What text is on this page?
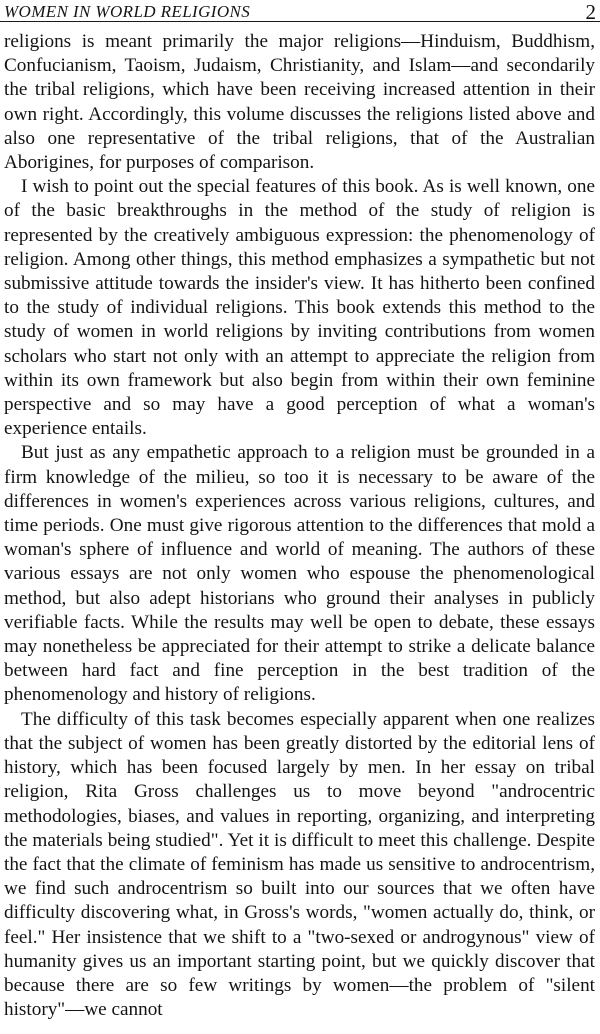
WOMEN IN WORLD RELIGIONS	2

religions is meant primarily the major religions—Hinduism, Buddhism, Confucianism, Taoism, Judaism, Christianity, and Islam—and secondarily the tribal religions, which have been receiving increased attention in their own right. Accordingly, this volume discusses the religions listed above and also one representative of the tribal religions, that of the Australian Aborigines, for purposes of comparison.

I wish to point out the special features of this book. As is well known, one of the basic breakthroughs in the method of the study of religion is represented by the creatively ambiguous expression: the phenomenology of religion. Among other things, this method emphasizes a sympathetic but not submissive attitude towards the insider's view. It has hitherto been confined to the study of individual religions. This book extends this method to the study of women in world religions by inviting contributions from women scholars who start not only with an attempt to appreciate the religion from within its own framework but also begin from within their own feminine perspective and so may have a good perception of what a woman's experience entails.

But just as any empathetic approach to a religion must be grounded in a firm knowledge of the milieu, so too it is necessary to be aware of the differences in women's experiences across various religions, cultures, and time periods. One must give rigorous attention to the differences that mold a woman's sphere of influence and world of meaning. The authors of these various essays are not only women who espouse the phenomenological method, but also adept historians who ground their analyses in publicly verifiable facts. While the results may well be open to debate, these essays may nonetheless be appreciated for their attempt to strike a delicate balance between hard fact and fine perception in the best tradition of the phenomenology and history of religions.

The difficulty of this task becomes especially apparent when one realizes that the subject of women has been greatly distorted by the editorial lens of history, which has been focused largely by men. In her essay on tribal religion, Rita Gross challenges us to move beyond "androcentric methodologies, biases, and values in reporting, organizing, and interpreting the materials being studied". Yet it is difficult to meet this challenge. Despite the fact that the climate of feminism has made us sensitive to androcentrism, we find such androcentrism so built into our sources that we often have difficulty discovering what, in Gross's words, "women actually do, think, or feel." Her insistence that we shift to a "two-sexed or androgynous" view of humanity gives us an important starting point, but we quickly discover that because there are so few writings by women—the problem of "silent history"—we cannot
